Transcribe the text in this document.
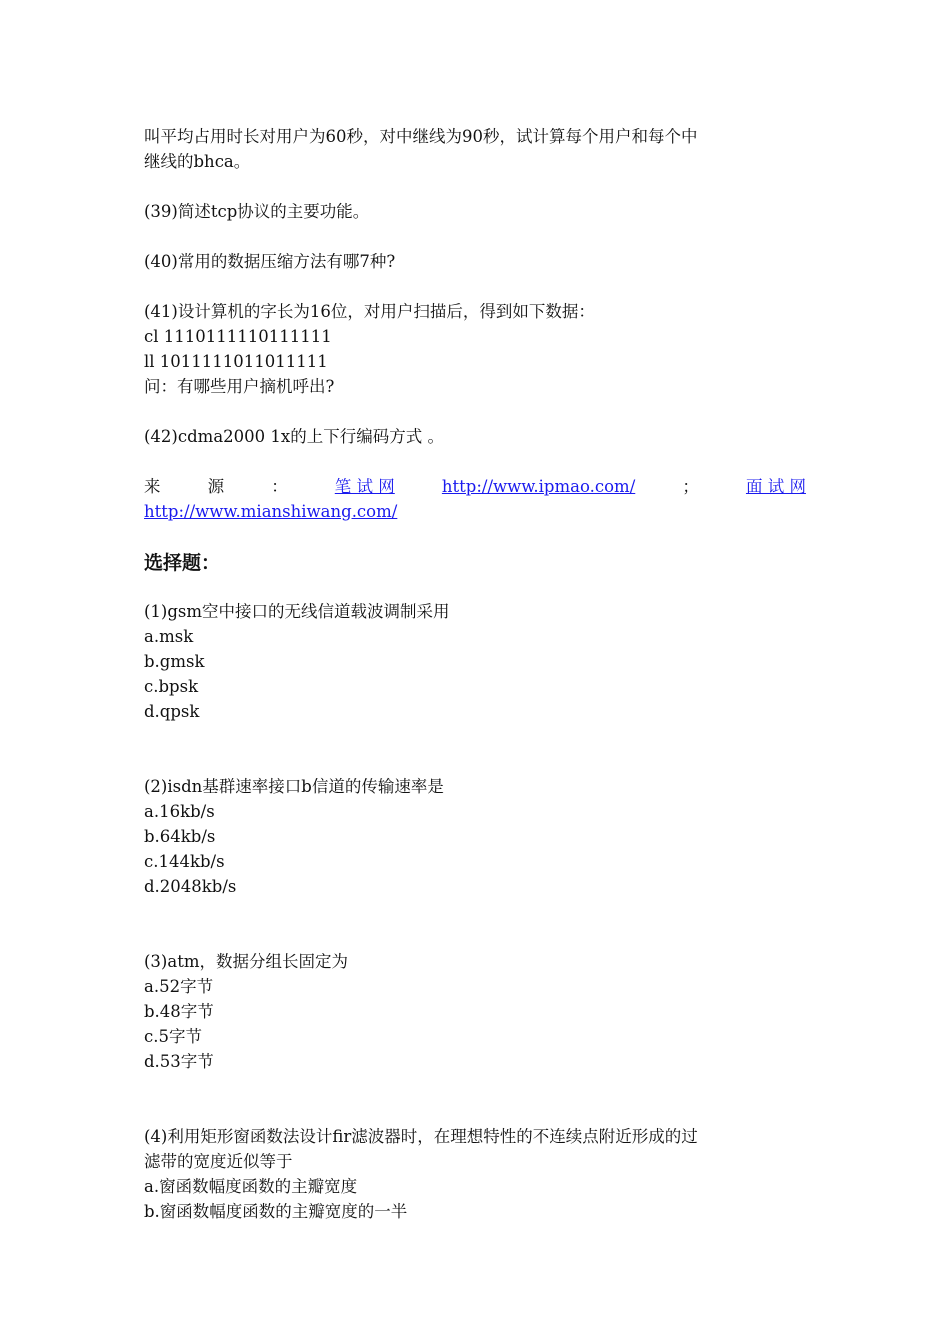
叫平均占用时长对用户为60秒，对中继线为90秒，试计算每个用户和每个中
继线的bhca。
(39)简述tcp协议的主要功能。
(40)常用的数据压缩方法有哪7种?
(41)设计算机的字长为16位，对用户扫描后，得到如下数据：
cl 1110111110111111
ll 1011111011011111
问：有哪些用户摘机呼出?
(42)cdma2000 1x的上下行编码方式 。
来	源	：	笔 试 网	http://www.ipmao.com/	；	面 试 网
http://www.mianshiwang.com/
选择题：
(1)gsm空中接口的无线信道载波调制采用
a.msk
b.gmsk
c.bpsk
d.qpsk
(2)isdn基群速率接口b信道的传输速率是
a.16kb/s
b.64kb/s
c.144kb/s
d.2048kb/s
(3)atm，数据分组长固定为
a.52字节
b.48字节
c.5字节
d.53字节
(4)利用矩形窗函数法设计fir滤波器时，在理想特性的不连续点附近形成的过
滤带的宽度近似等于
a.窗函数幅度函数的主瓣宽度
b.窗函数幅度函数的主瓣宽度的一半
